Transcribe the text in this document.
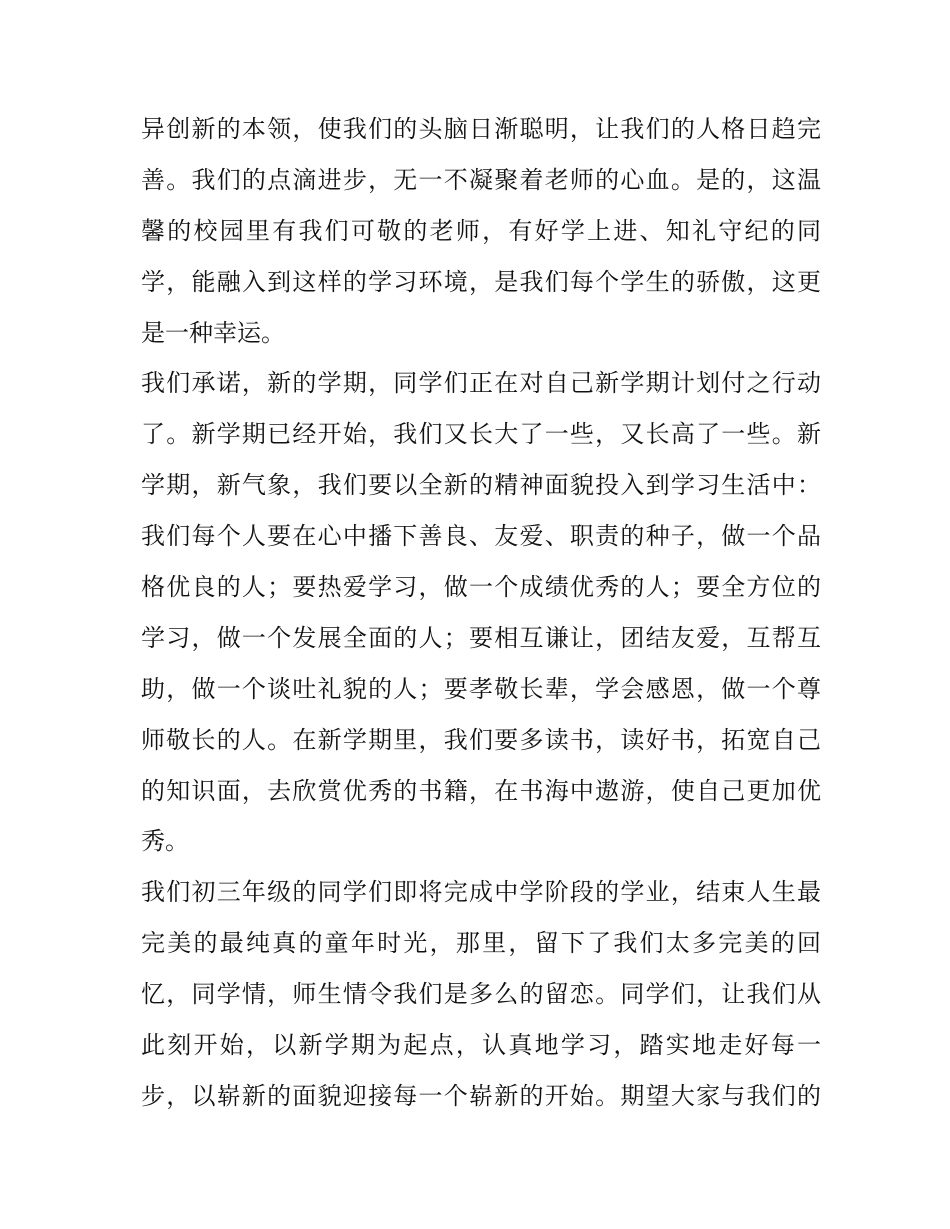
异创新的本领，使我们的头脑日渐聪明，让我们的人格日趋完
善。我们的点滴进步，无一不凝聚着老师的心血。是的，这温
馨的校园里有我们可敬的老师，有好学上进、知礼守纪的同
学，能融入到这样的学习环境，是我们每个学生的骄傲，这更
是一种幸运。
我们承诺，新的学期，同学们正在对自己新学期计划付之行动
了。新学期已经开始，我们又长大了一些，又长高了一些。新
学期，新气象，我们要以全新的精神面貌投入到学习生活中：
我们每个人要在心中播下善良、友爱、职责的种子，做一个品
格优良的人；要热爱学习，做一个成绩优秀的人；要全方位的
学习，做一个发展全面的人；要相互谦让，团结友爱，互帮互
助，做一个谈吐礼貌的人；要孝敬长辈，学会感恩，做一个尊
师敬长的人。在新学期里，我们要多读书，读好书，拓宽自己
的知识面，去欣赏优秀的书籍，在书海中遨游，使自己更加优
秀。
我们初三年级的同学们即将完成中学阶段的学业，结束人生最
完美的最纯真的童年时光，那里，留下了我们太多完美的回
忆，同学情，师生情令我们是多么的留恋。同学们，让我们从
此刻开始，以新学期为起点，认真地学习，踏实地走好每一
步，以崭新的面貌迎接每一个崭新的开始。期望大家与我们的
